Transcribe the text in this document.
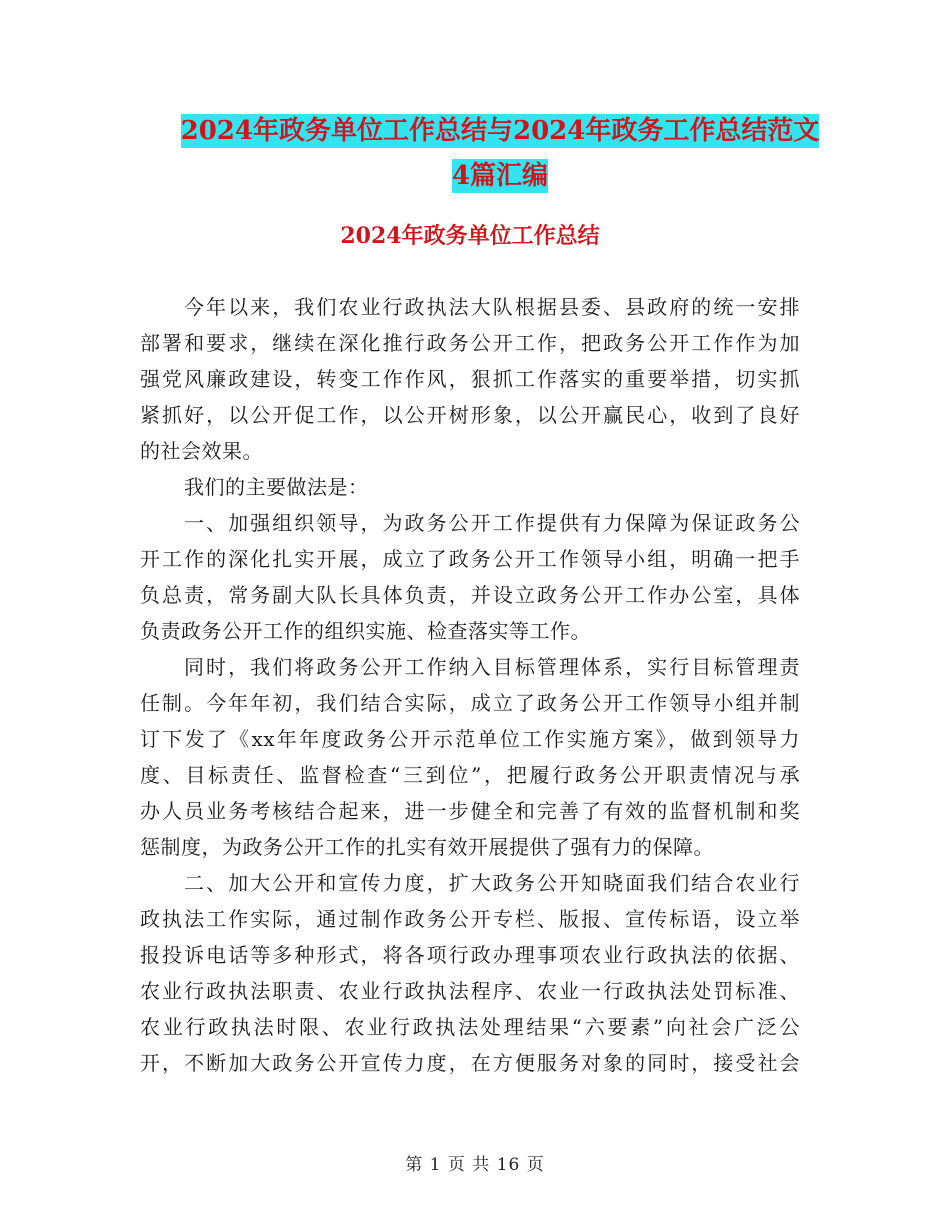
2024年政务单位工作总结与2024年政务工作总结范文
4篇汇编
2024年政务单位工作总结
今年以来，我们农业行政执法大队根据县委、县政府的统一安排
部署和要求，继续在深化推行政务公开工作，把政务公开工作作为加
强党风廉政建设，转变工作作风，狠抓工作落实的重要举措，切实抓
紧抓好，以公开促工作，以公开树形象，以公开赢民心，收到了良好
的社会效果。
我们的主要做法是：
一、加强组织领导，为政务公开工作提供有力保障为保证政务公
开工作的深化扎实开展，成立了政务公开工作领导小组，明确一把手
负总责，常务副大队长具体负责，并设立政务公开工作办公室，具体
负责政务公开工作的组织实施、检查落实等工作。
同时，我们将政务公开工作纳入目标管理体系，实行目标管理责
任制。今年年初，我们结合实际，成立了政务公开工作领导小组并制
订下发了《xx年年度政务公开示范单位工作实施方案》，做到领导力
度、目标责任、监督检查“三到位”，把履行政务公开职责情况与承
办人员业务考核结合起来，进一步健全和完善了有效的监督机制和奖
惩制度，为政务公开工作的扎实有效开展提供了强有力的保障。
二、加大公开和宣传力度，扩大政务公开知晓面我们结合农业行
政执法工作实际，通过制作政务公开专栏、版报、宣传标语，设立举
报投诉电话等多种形式，将各项行政办理事项农业行政执法的依据、
农业行政执法职责、农业行政执法程序、农业一行政执法处罚标准、
农业行政执法时限、农业行政执法处理结果“六要素”向社会广泛公
开，不断加大政务公开宣传力度，在方便服务对象的同时，接受社会
第 1 页 共 16 页
